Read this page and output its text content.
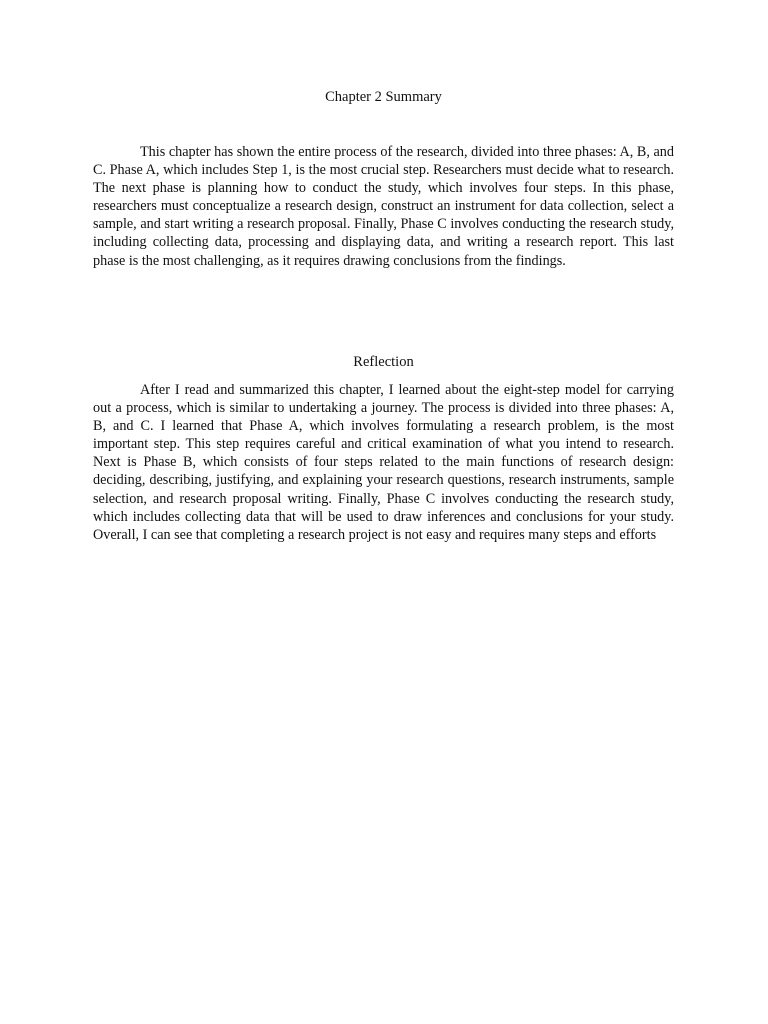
Chapter 2 Summary

This chapter has shown the entire process of the research, divided into three phases: A, B, and C. Phase A, which includes Step 1, is the most crucial step. Researchers must decide what to research. The next phase is planning how to conduct the study, which involves four steps. In this phase, researchers must conceptualize a research design, construct an instrument for data collection, select a sample, and start writing a research proposal. Finally, Phase C involves conducting the research study, including collecting data, processing and displaying data, and writing a research report. This last phase is the most challenging, as it requires drawing conclusions from the findings.

Reflection

After I read and summarized this chapter, I learned about the eight-step model for carrying out a process, which is similar to undertaking a journey. The process is divided into three phases: A, B, and C. I learned that Phase A, which involves formulating a research problem, is the most important step. This step requires careful and critical examination of what you intend to research. Next is Phase B, which consists of four steps related to the main functions of research design: deciding, describing, justifying, and explaining your research questions, research instruments, sample selection, and research proposal writing. Finally, Phase C involves conducting the research study, which includes collecting data that will be used to draw inferences and conclusions for your study. Overall, I can see that completing a research project is not easy and requires many steps and efforts
